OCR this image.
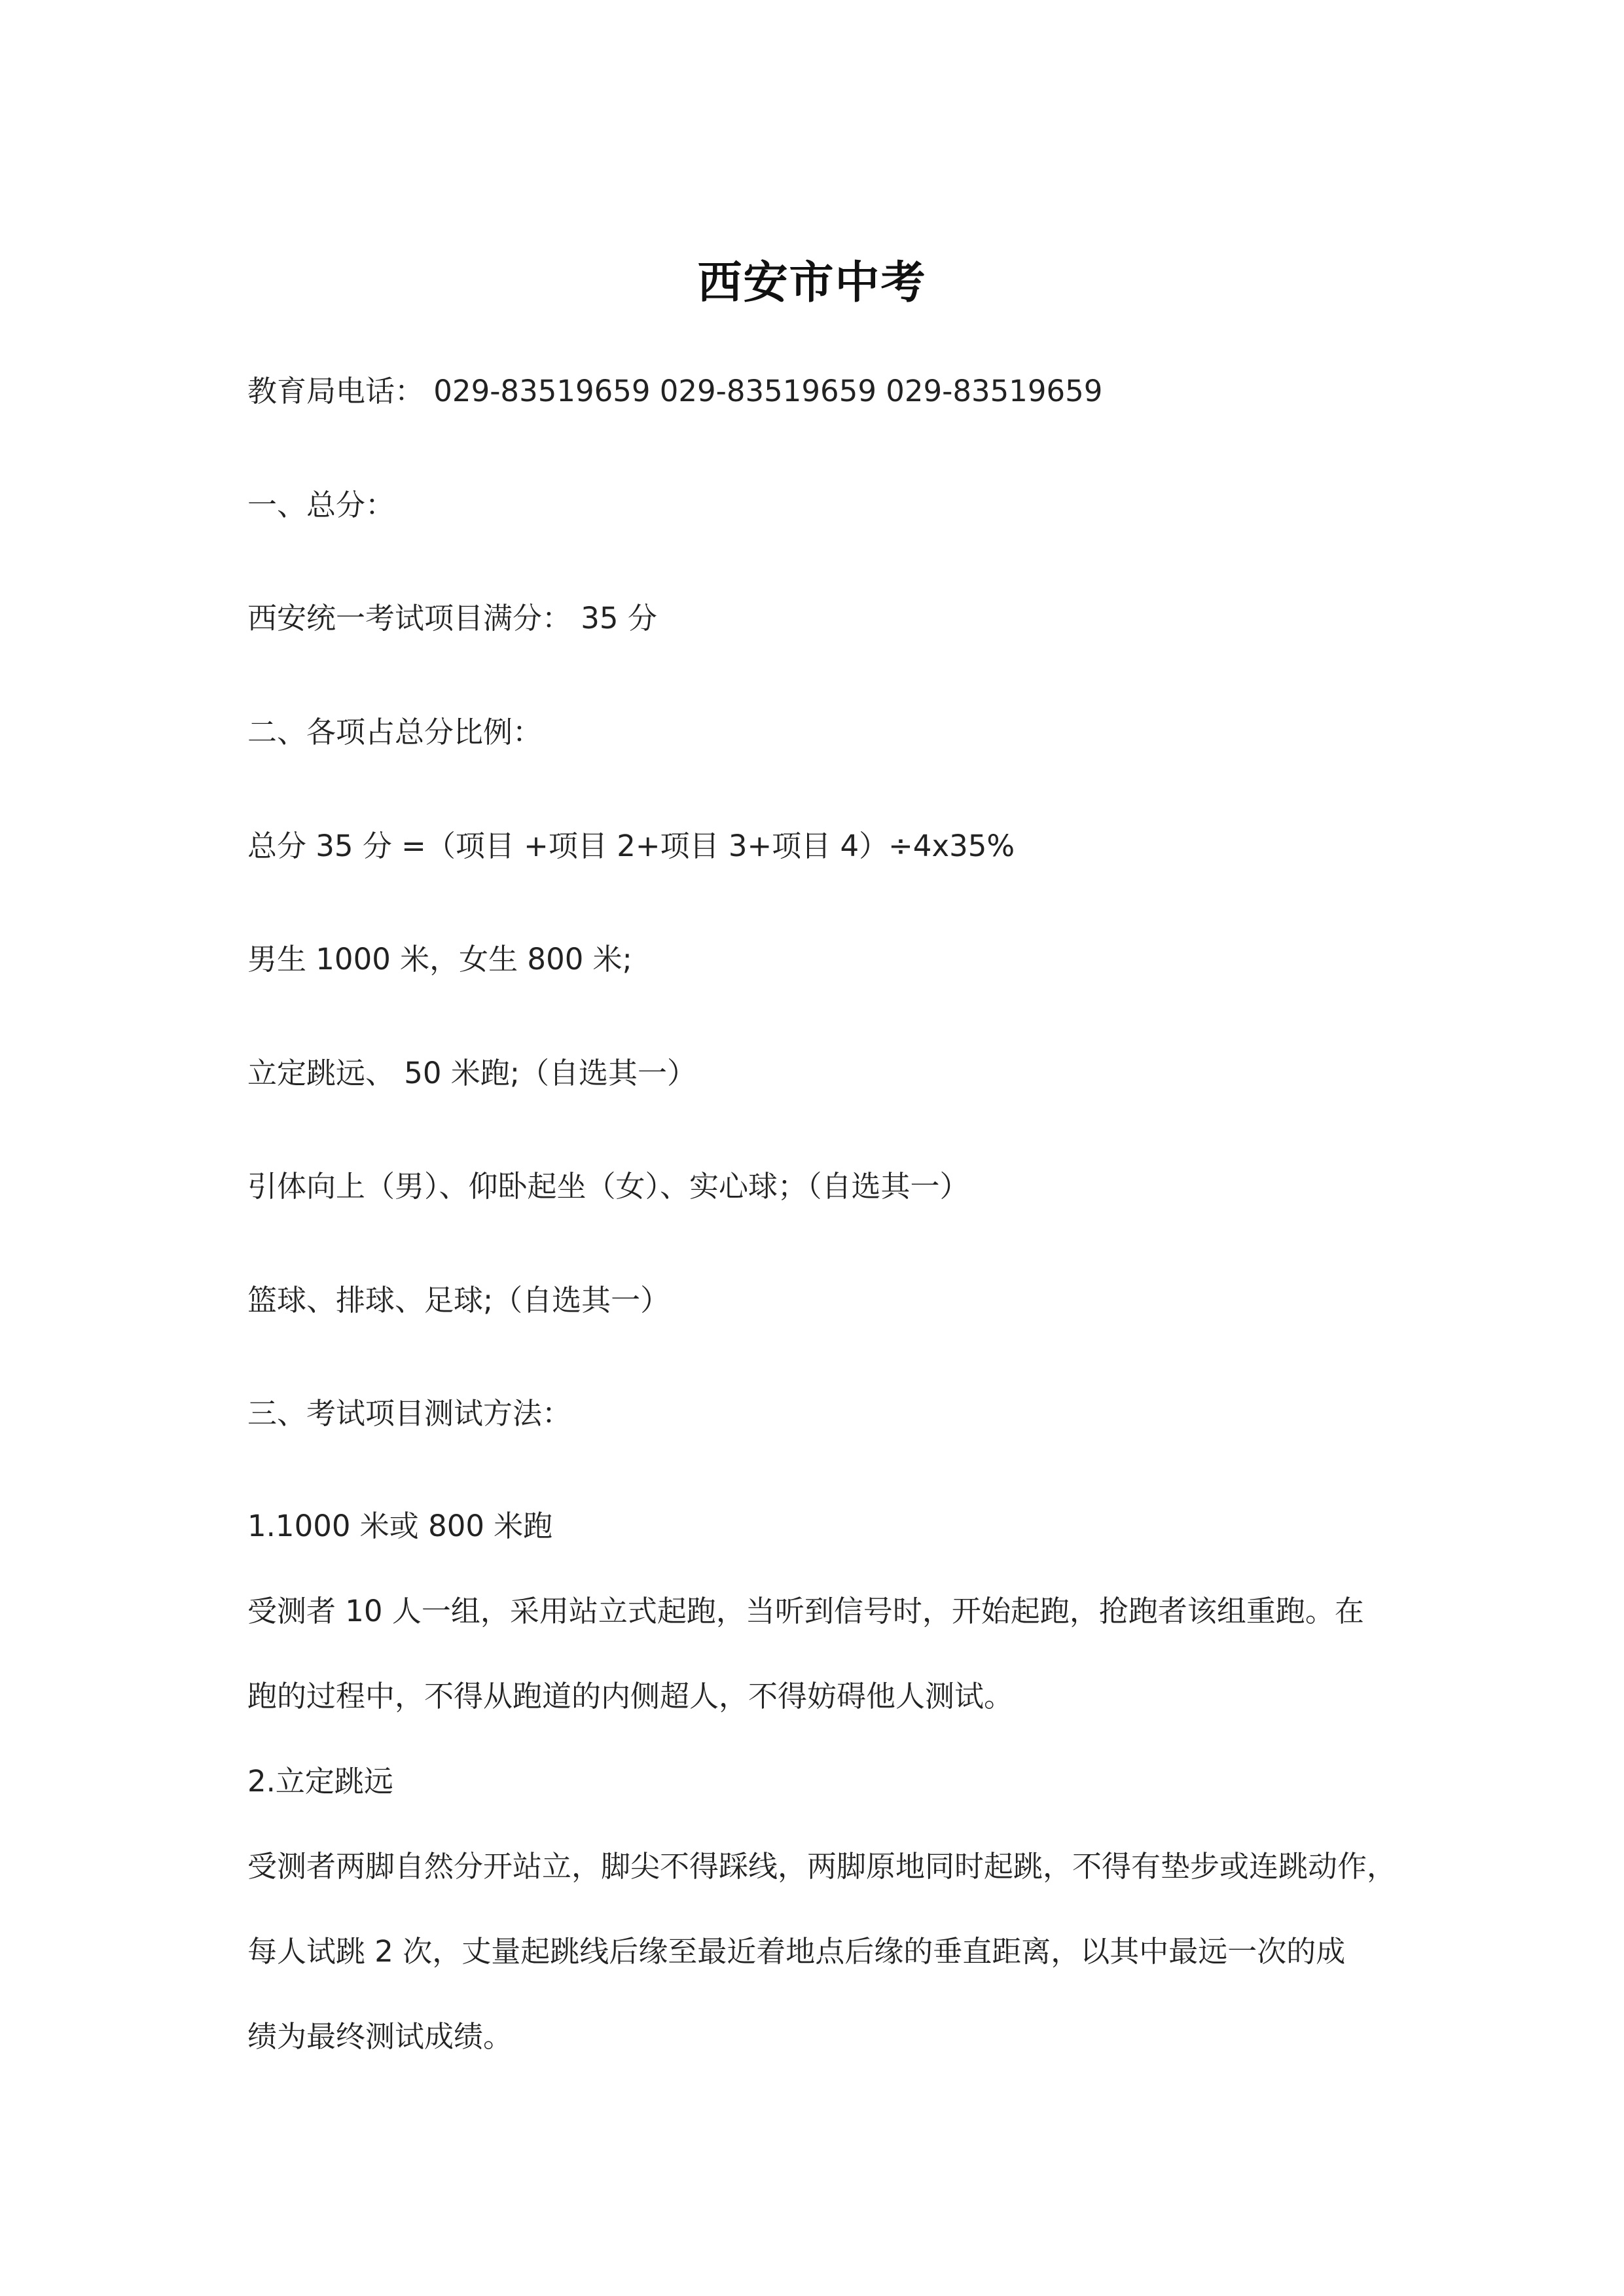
西安市中考
教育局电话： 029-83519659 029-83519659 029-83519659
一、总分：
西安统一考试项目满分： 35 分
二、各项占总分比例：
总分 35 分 =（项目 +项目 2+项目 3+项目 4）÷4x35%
男生 1000 米，女生 800 米;
立定跳远、 50 米跑;（自选其一）
引体向上（男）、仰卧起坐（女）、实心球；（自选其一）
篮球、排球、足球;（自选其一）
三、考试项目测试方法：
1.1000 米或 800 米跑
受测者 10 人一组，采用站立式起跑，当听到信号时，开始起跑，抢跑者该组重跑。在
跑的过程中，不得从跑道的内侧超人，不得妨碍他人测试。
2.立定跳远
受测者两脚自然分开站立，脚尖不得踩线，两脚原地同时起跳，不得有垫步或连跳动作，
每人试跳 2 次，丈量起跳线后缘至最近着地点后缘的垂直距离，以其中最远一次的成
绩为最终测试成绩。
